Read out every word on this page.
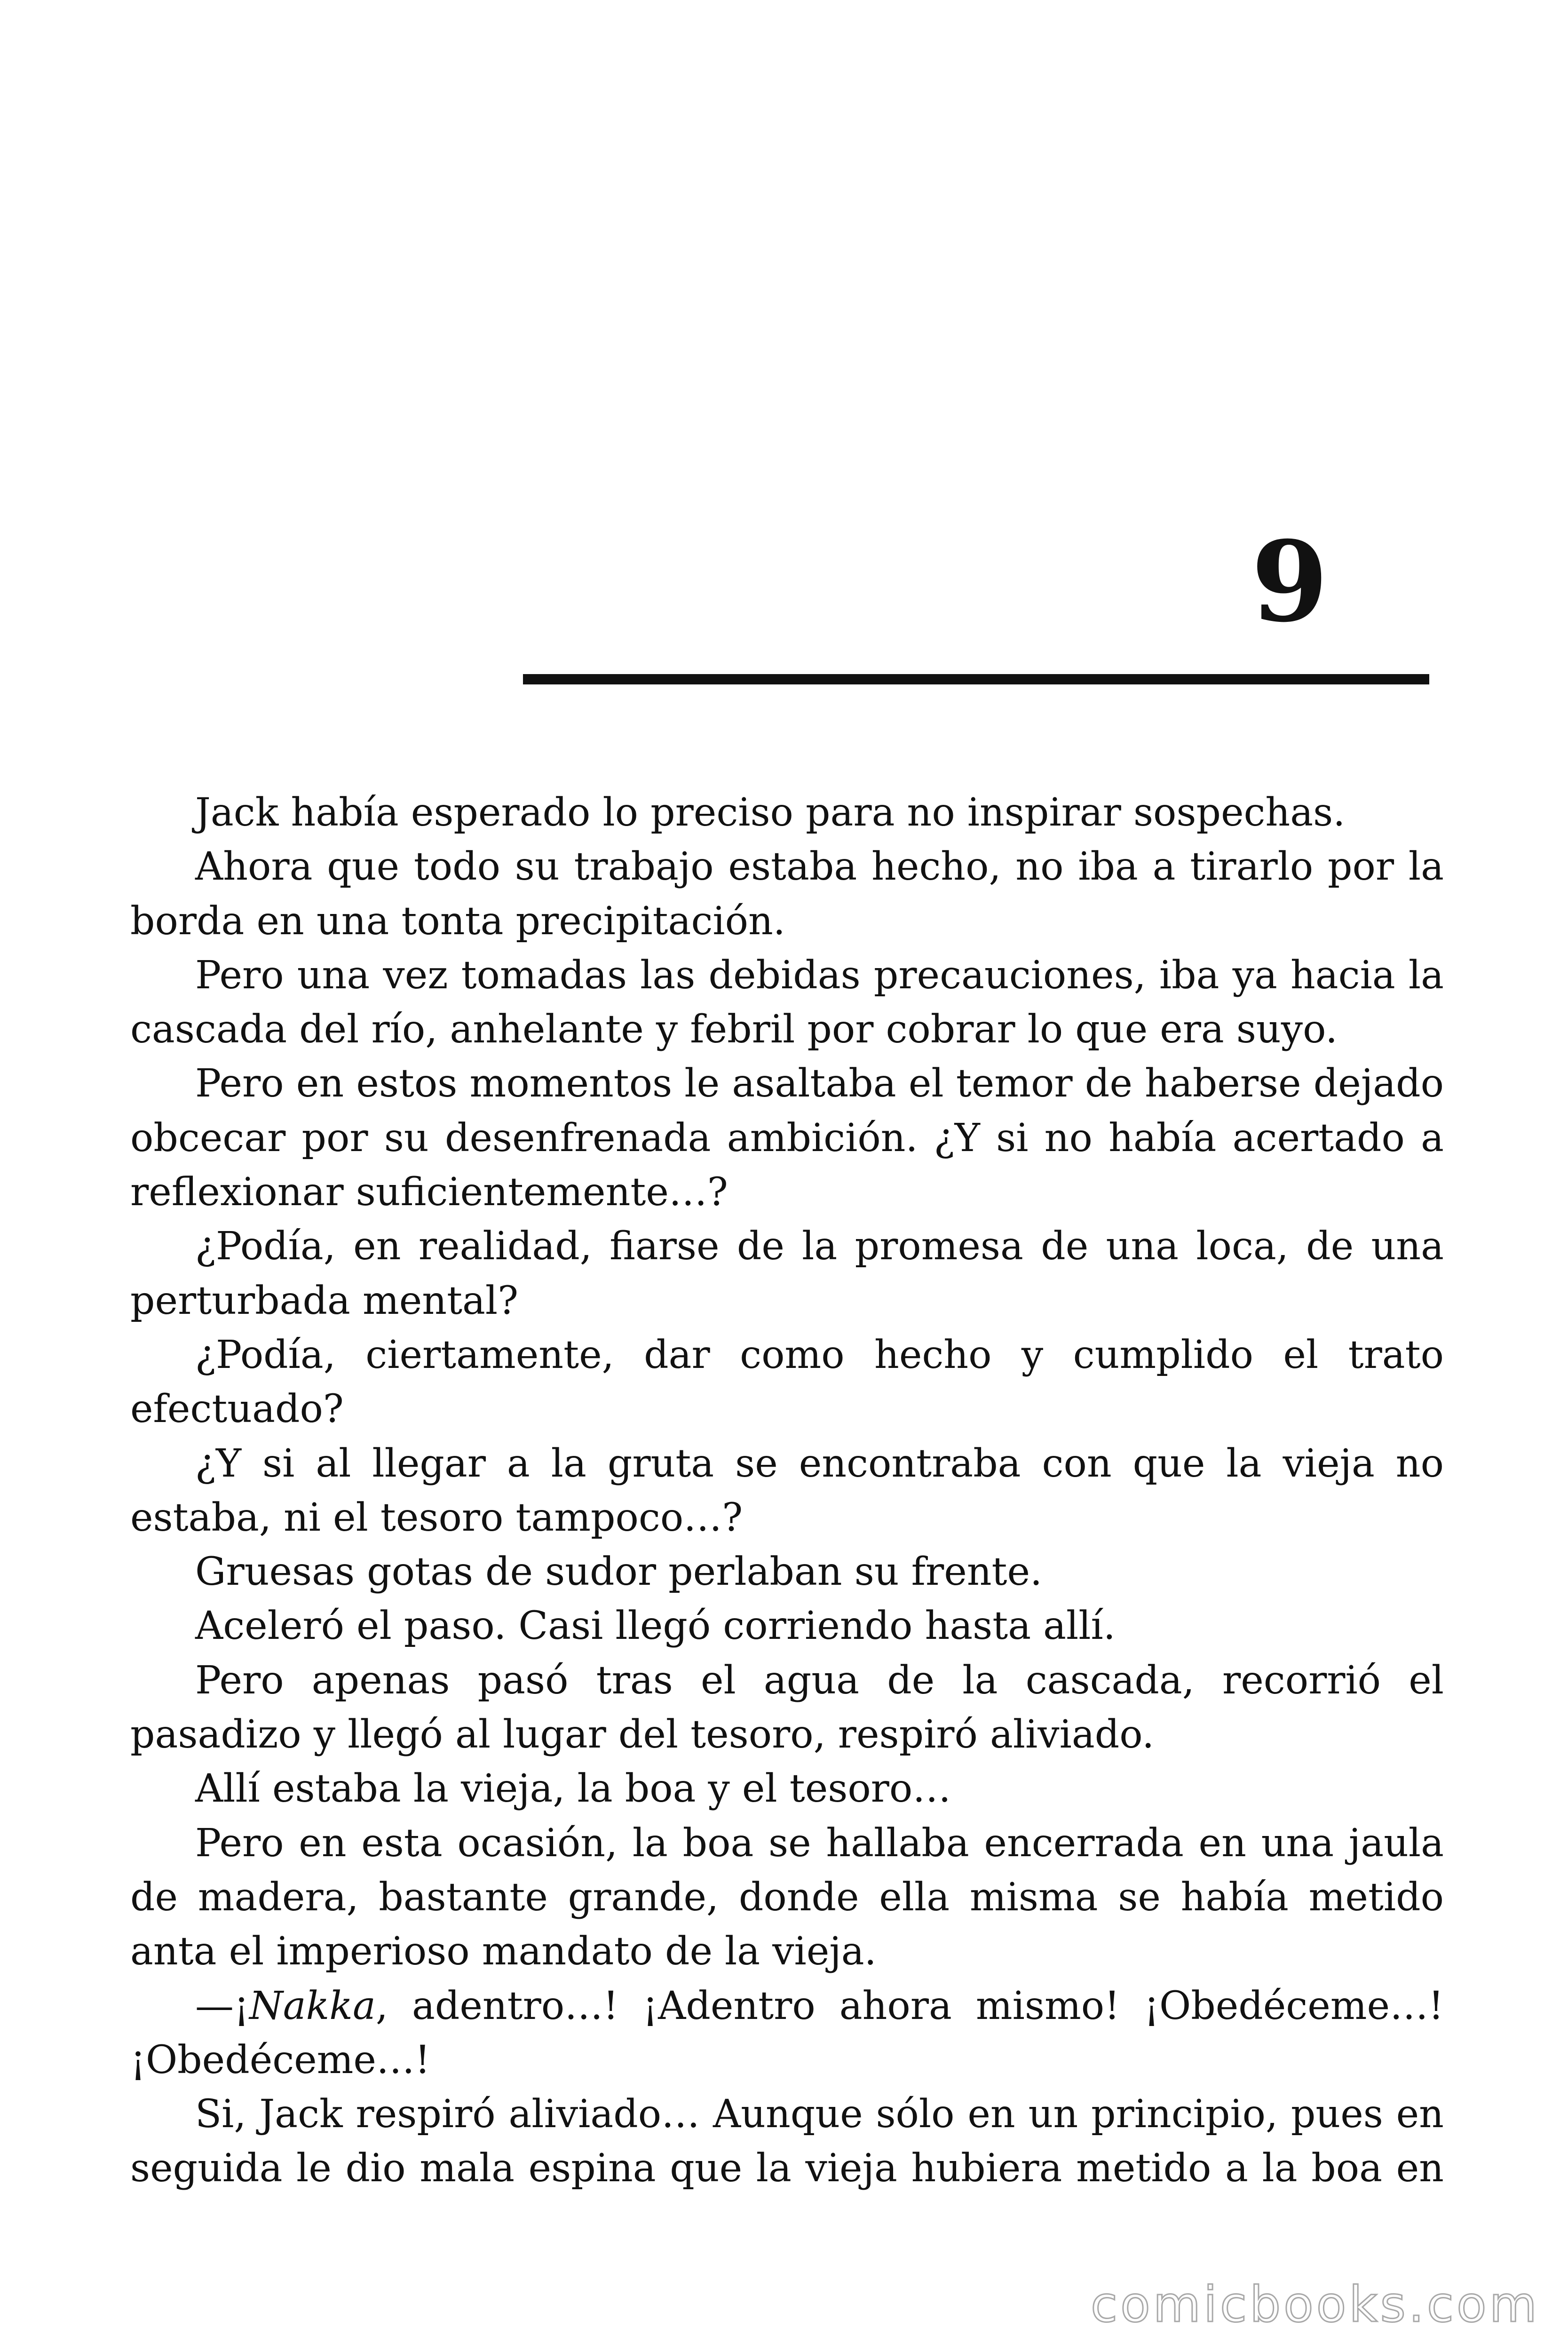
9

Jack había esperado lo preciso para no inspirar sospechas.

Ahora que todo su trabajo estaba hecho, no iba a tirarlo por la borda en una tonta precipitación.

Pero una vez tomadas las debidas precauciones, iba ya hacia la cascada del río, anhelante y febril por cobrar lo que era suyo.

Pero en estos momentos le asaltaba el temor de haberse dejado obcecar por su desenfrenada ambición. ¿Y si no había acertado a reflexionar suficientemente…?

¿Podía, en realidad, fiarse de la promesa de una loca, de una perturbada mental?

¿Podía, ciertamente, dar como hecho y cumplido el trato efectuado?

¿Y si al llegar a la gruta se encontraba con que la vieja no estaba, ni el tesoro tampoco…?

Gruesas gotas de sudor perlaban su frente.

Aceleró el paso. Casi llegó corriendo hasta allí.

Pero apenas pasó tras el agua de la cascada, recorrió el pasadizo y llegó al lugar del tesoro, respiró aliviado.

Allí estaba la vieja, la boa y el tesoro…

Pero en esta ocasión, la boa se hallaba encerrada en una jaula de madera, bastante grande, donde ella misma se había metido anta el imperioso mandato de la vieja.

—¡Nakka, adentro…! ¡Adentro ahora mismo! ¡Obedéceme…! ¡Obedéceme…!

Si, Jack respiró aliviado… Aunque sólo en un principio, pues en seguida le dio mala espina que la vieja hubiera metido a la boa en

comicbooks.com
